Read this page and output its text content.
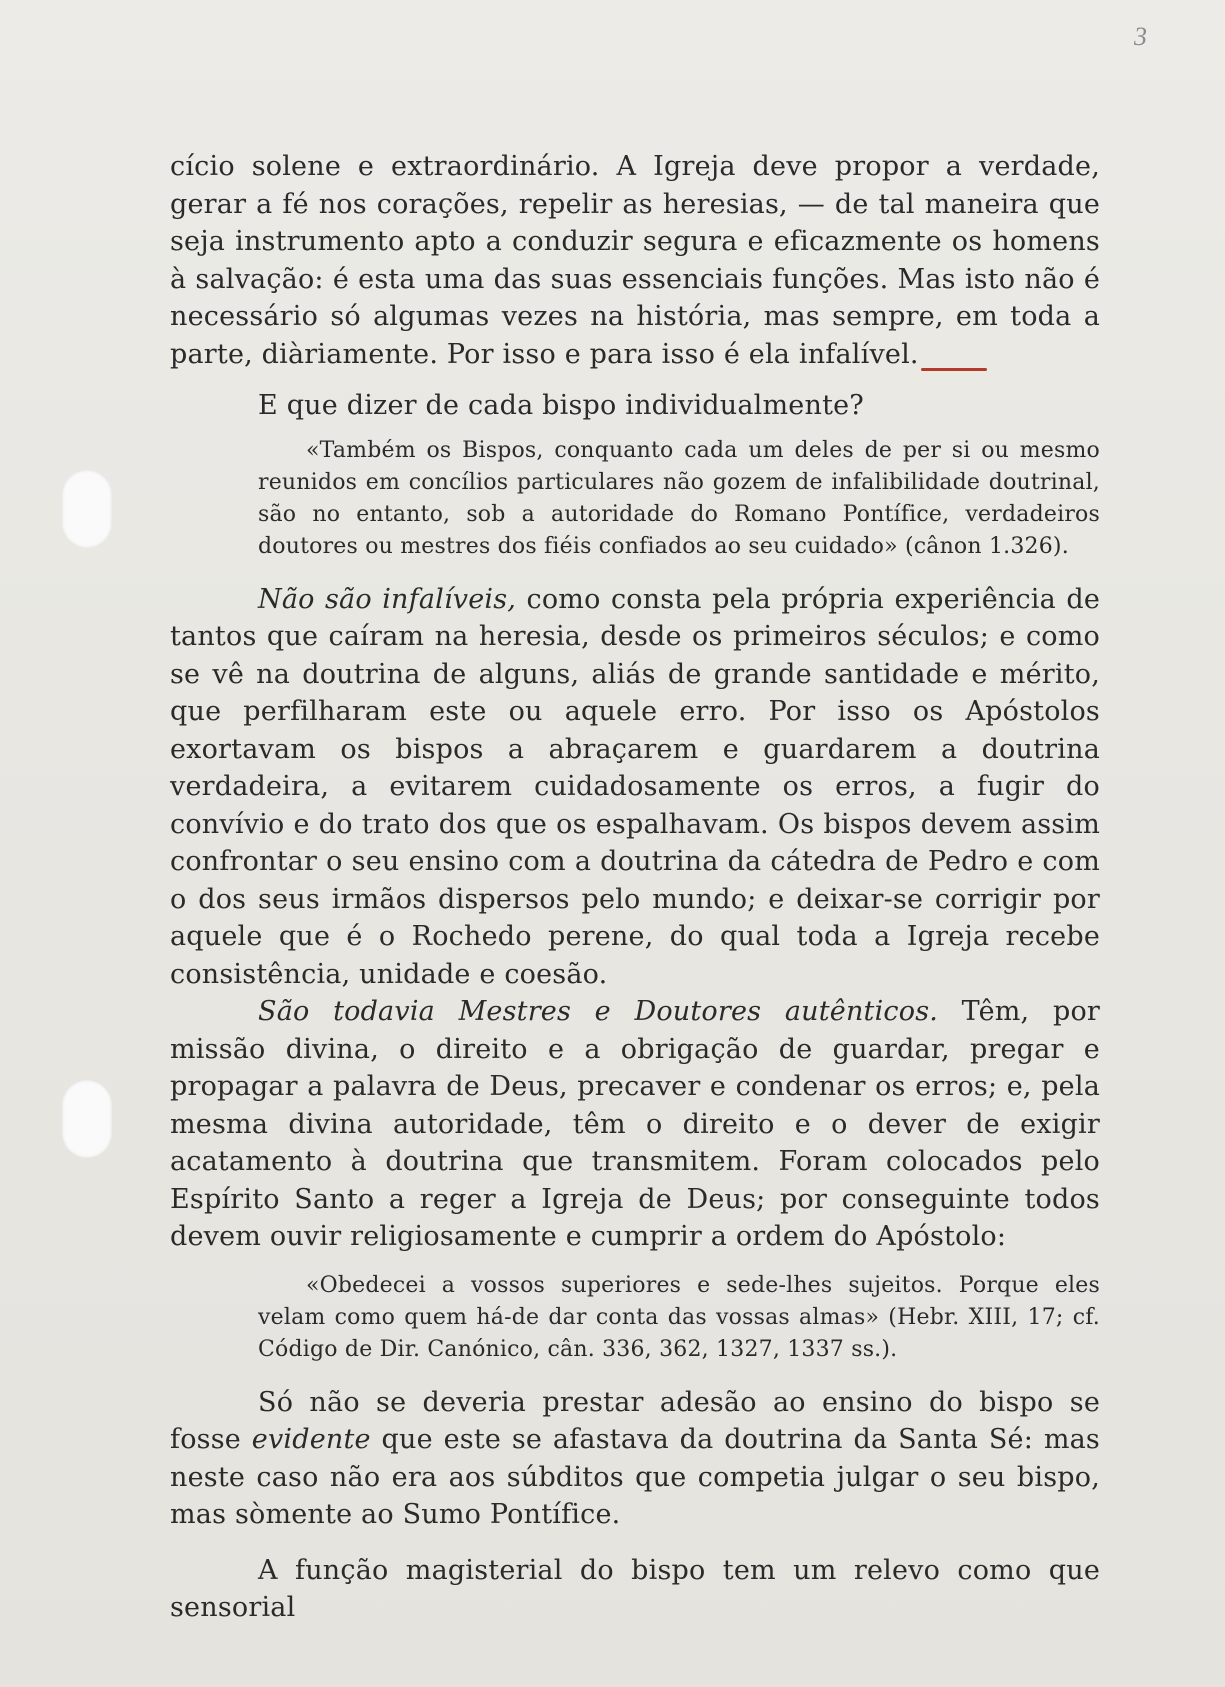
3

cício solene e extraordinário. A Igreja deve propor a verdade, gerar a fé nos corações, repelir as heresias, — de tal maneira que seja instrumento apto a conduzir segura e eficazmente os homens à salvação: é esta uma das suas essenciais funções. Mas isto não é necessário só algumas vezes na história, mas sempre, em toda a parte, diàriamente. Por isso e para isso é ela infalível.

E que dizer de cada bispo individualmente?

«Também os Bispos, conquanto cada um deles de per si ou mesmo reunidos em concílios particulares não gozem de infalibilidade doutrinal, são no entanto, sob a autoridade do Romano Pontífice, verdadeiros doutores ou mestres dos fiéis confiados ao seu cuidado» (cânon 1.326).

Não são infalíveis, como consta pela própria experiência de tantos que caíram na heresia, desde os primeiros séculos; e como se vê na doutrina de alguns, aliás de grande santidade e mérito, que perfilharam este ou aquele erro. Por isso os Apóstolos exortavam os bispos a abraçarem e guardarem a doutrina verdadeira, a evitarem cuidadosamente os erros, a fugir do convívio e do trato dos que os espalhavam. Os bispos devem assim confrontar o seu ensino com a doutrina da cátedra de Pedro e com o dos seus irmãos dispersos pelo mundo; e deixar-se corrigir por aquele que é o Rochedo perene, do qual toda a Igreja recebe consistência, unidade e coesão.

São todavia Mestres e Doutores autênticos. Têm, por missão divina, o direito e a obrigação de guardar, pregar e propagar a palavra de Deus, precaver e condenar os erros; e, pela mesma divina autoridade, têm o direito e o dever de exigir acatamento à doutrina que transmitem. Foram colocados pelo Espírito Santo a reger a Igreja de Deus; por conseguinte todos devem ouvir religiosamente e cumprir a ordem do Apóstolo:

«Obedecei a vossos superiores e sede-lhes sujeitos. Porque eles velam como quem há-de dar conta das vossas almas» (Hebr. XIII, 17; cf. Código de Dir. Canónico, cân. 336, 362, 1327, 1337 ss.).

Só não se deveria prestar adesão ao ensino do bispo se fosse evidente que este se afastava da doutrina da Santa Sé: mas neste caso não era aos súbditos que competia julgar o seu bispo, mas sòmente ao Sumo Pontífice.

A função magisterial do bispo tem um relevo como que sensorial
